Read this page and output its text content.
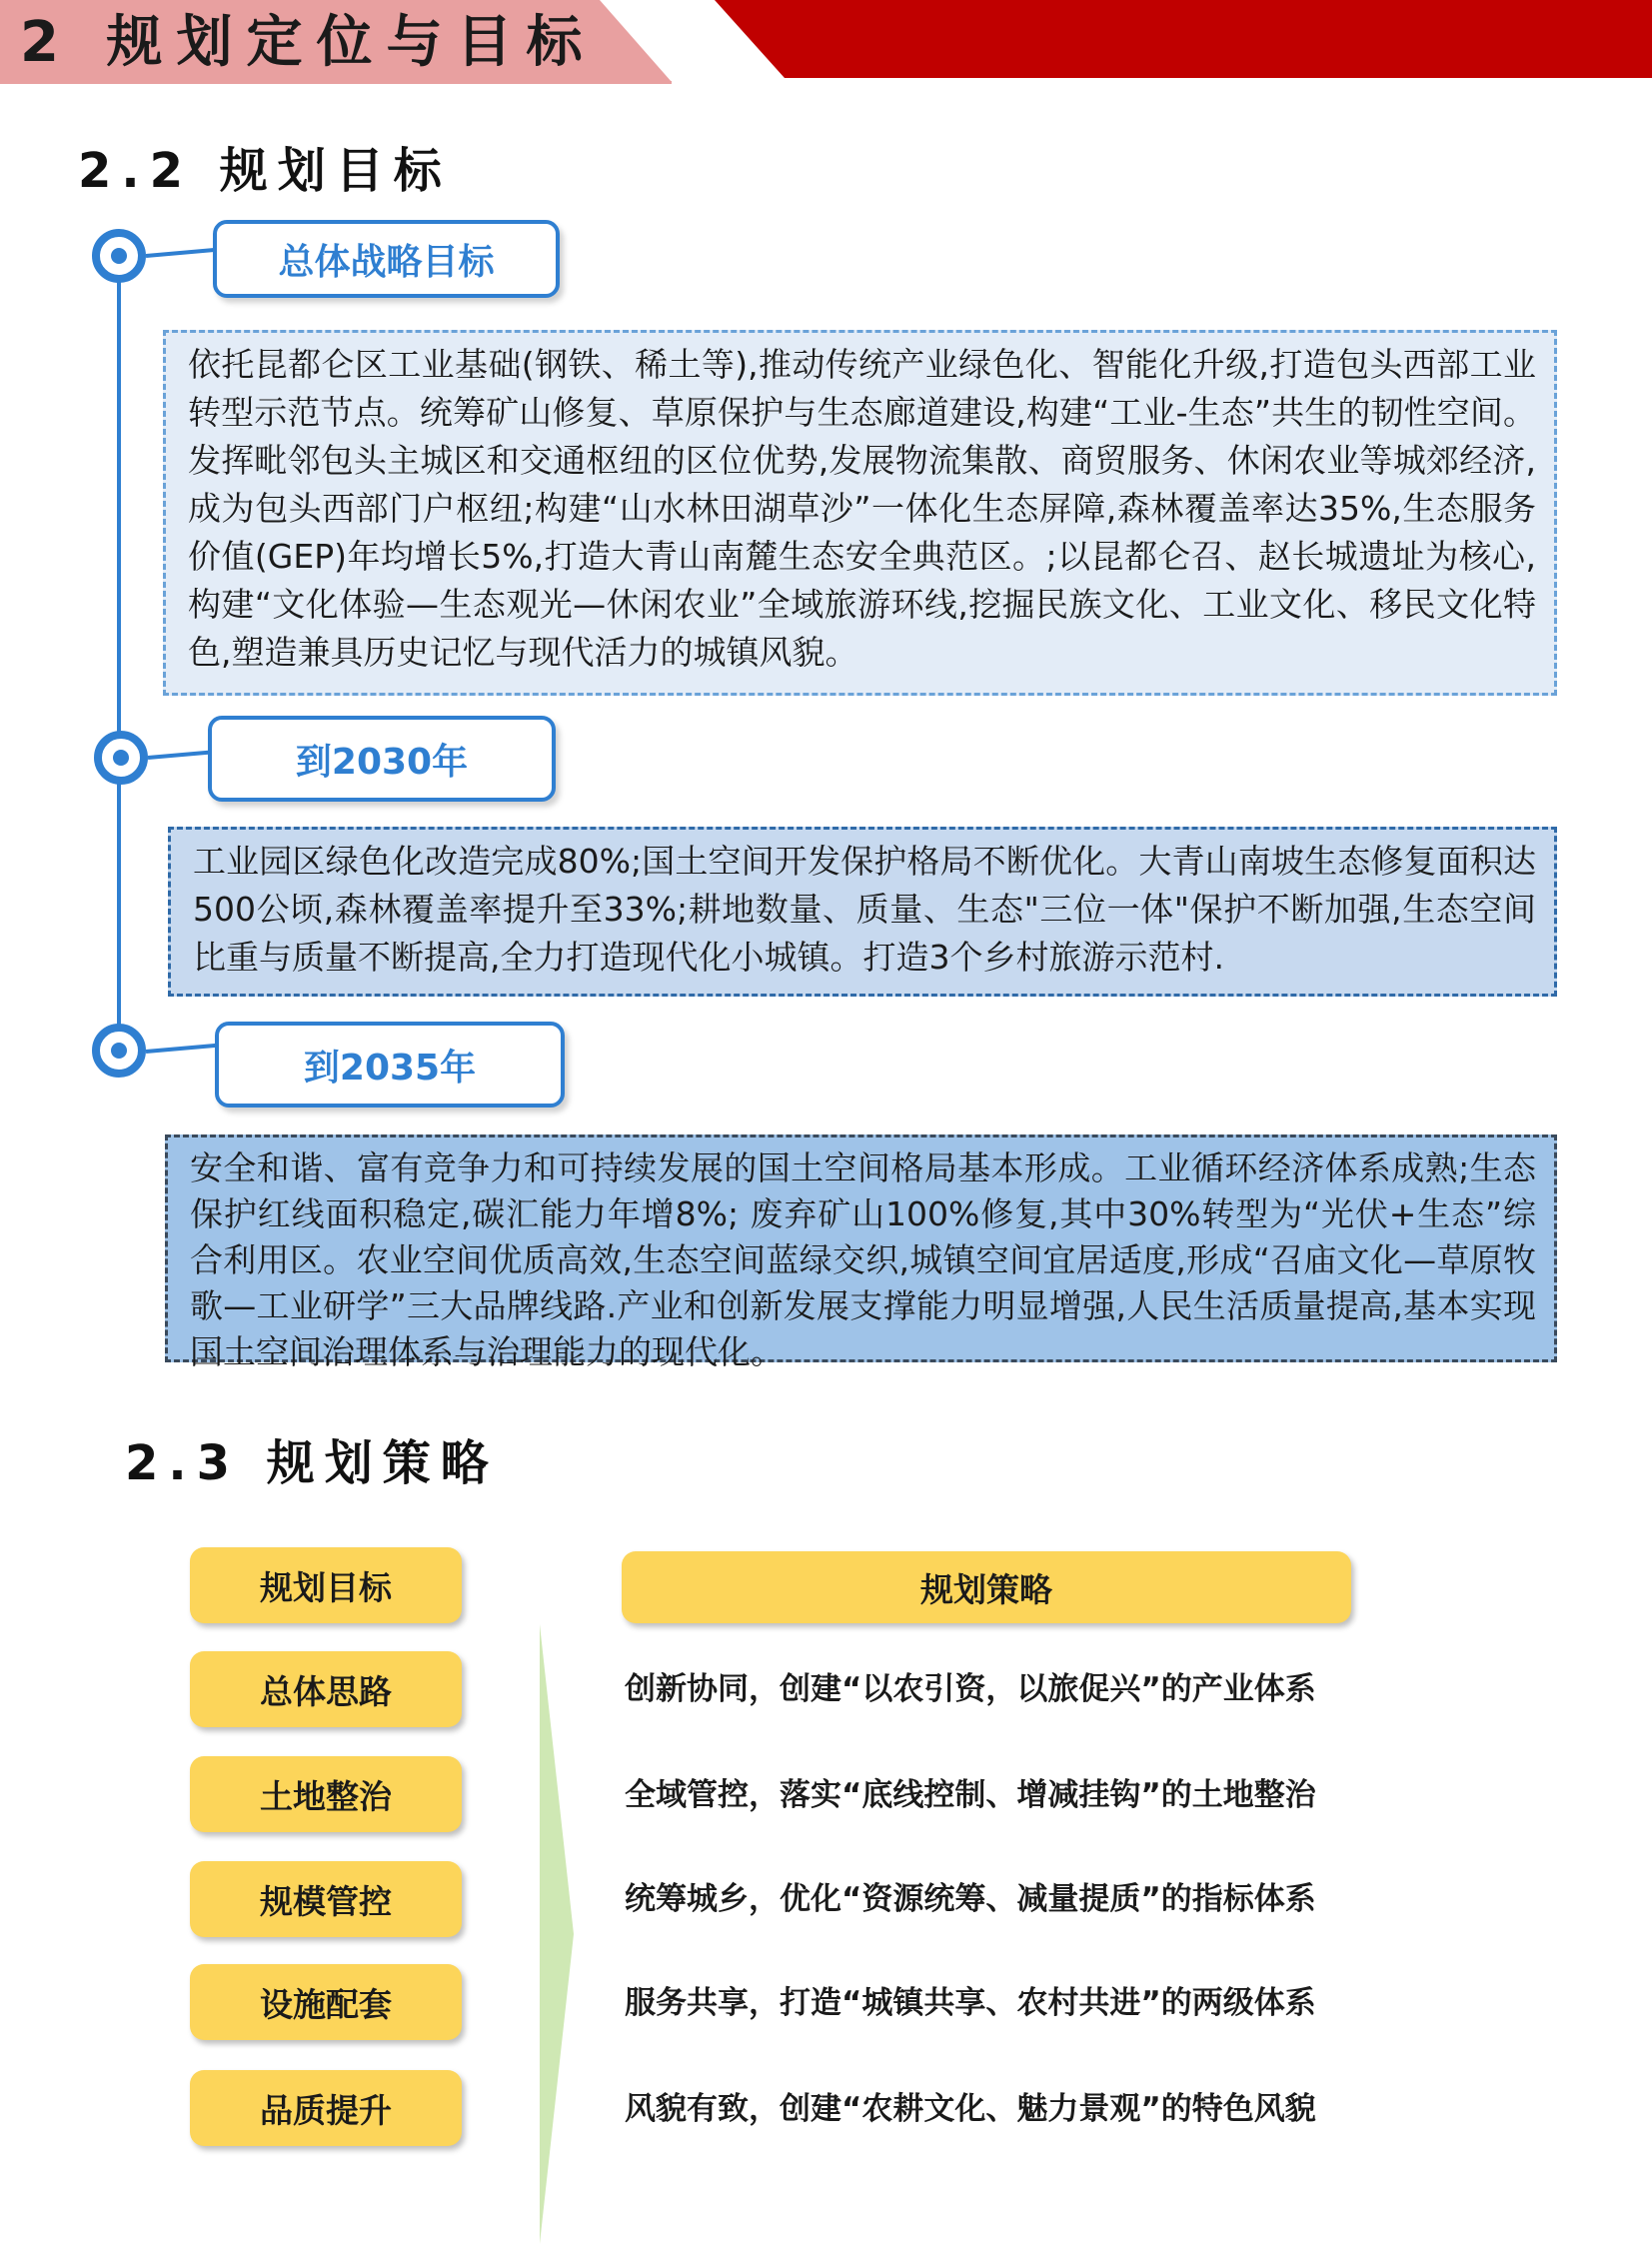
2 规划定位与目标
2.2 规划目标
总体战略目标
依托昆都仑区工业基础(钢铁、稀土等),推动传统产业绿色化、智能化升级,打造包头西部工业转型示范节点。统筹矿山修复、草原保护与生态廊道建设,构建“工业-生态”共生的韧性空间。发挥毗邻包头主城区和交通枢纽的区位优势,发展物流集散、商贸服务、休闲农业等城郊经济,成为包头西部门户枢纽;构建“山水林田湖草沙”一体化生态屏障,森林覆盖率达35%,生态服务价值(GEP)年均增长5%,打造大青山南麓生态安全典范区。;以昆都仑召、赵长城遗址为核心,构建“文化体验—生态观光—休闲农业”全域旅游环线,挖掘民族文化、工业文化、移民文化特色,塑造兼具历史记忆与现代活力的城镇风貌。
到2030年
工业园区绿色化改造完成80%;国土空间开发保护格局不断优化。大青山南坡生态修复面积达500公顷,森林覆盖率提升至33%;耕地数量、质量、生态"三位一体"保护不断加强,生态空间比重与质量不断提高,全力打造现代化小城镇。打造3个乡村旅游示范村.
到2035年
安全和谐、富有竞争力和可持续发展的国土空间格局基本形成。工业循环经济体系成熟;生态保护红线面积稳定,碳汇能力年增8%; 废弃矿山100%修复,其中30%转型为“光伏+生态”综合利用区。农业空间优质高效,生态空间蓝绿交织,城镇空间宜居适度,形成“召庙文化—草原牧歌—工业研学”三大品牌线路.产业和创新发展支撑能力明显增强,人民生活质量提高,基本实现国土空间治理体系与治理能力的现代化。
2.3 规划策略
规划目标	规划策略
总体思路	创新协同，创建“以农引资，以旅促兴”的产业体系
土地整治	全域管控，落实“底线控制、增减挂钩”的土地整治
规模管控	统筹城乡，优化“资源统筹、减量提质”的指标体系
设施配套	服务共享，打造“城镇共享、农村共进”的两级体系
品质提升	风貌有致，创建“农耕文化、魅力景观”的特色风貌
